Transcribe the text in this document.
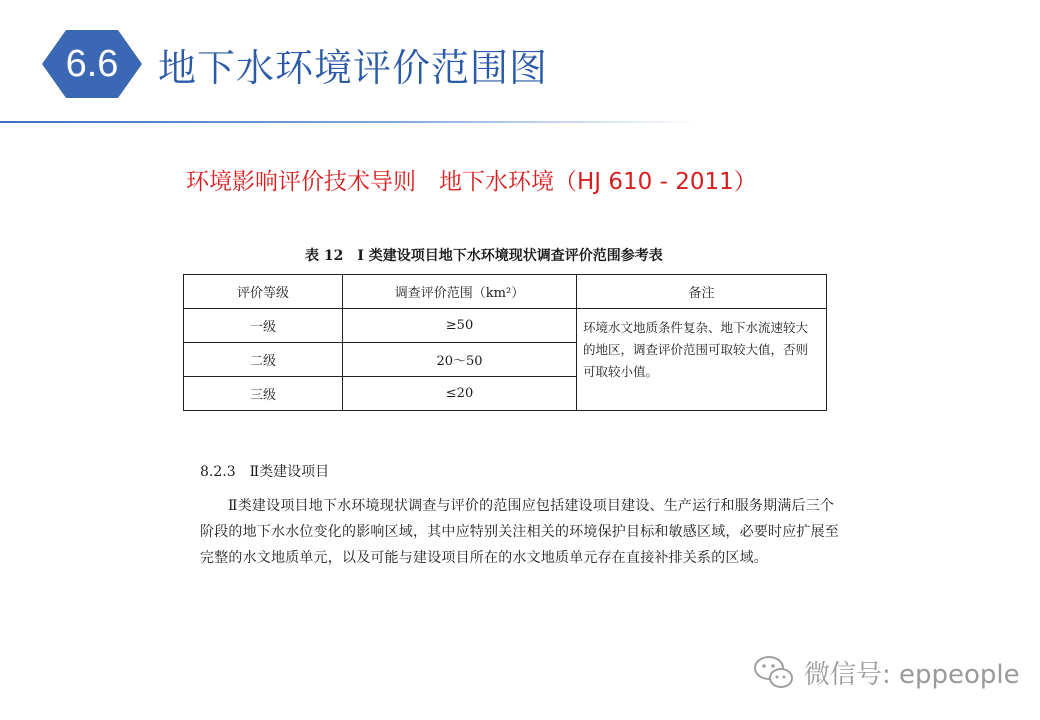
6.6	地下水环境评价范围图
环境影响评价技术导则　地下水环境（HJ 610 - 2011）
表 12　Ⅰ 类建设项目地下水环境现状调查评价范围参考表
评价等级	调查评价范围（km²）	备注
一级	≥50	环境水文地质条件复杂、地下水流速较大的地区，调查评价范围可取较大值，否则可取较小值。
二级	20～50	
三级	≤20	
8.2.3　Ⅱ类建设项目
Ⅱ类建设项目地下水环境现状调查与评价的范围应包括建设项目建设、生产运行和服务期满后三个阶段的地下水水位变化的影响区域，其中应特别关注相关的环境保护目标和敏感区域，必要时应扩展至完整的水文地质单元，以及可能与建设项目所在的水文地质单元存在直接补排关系的区域。
微信号: eppeople
